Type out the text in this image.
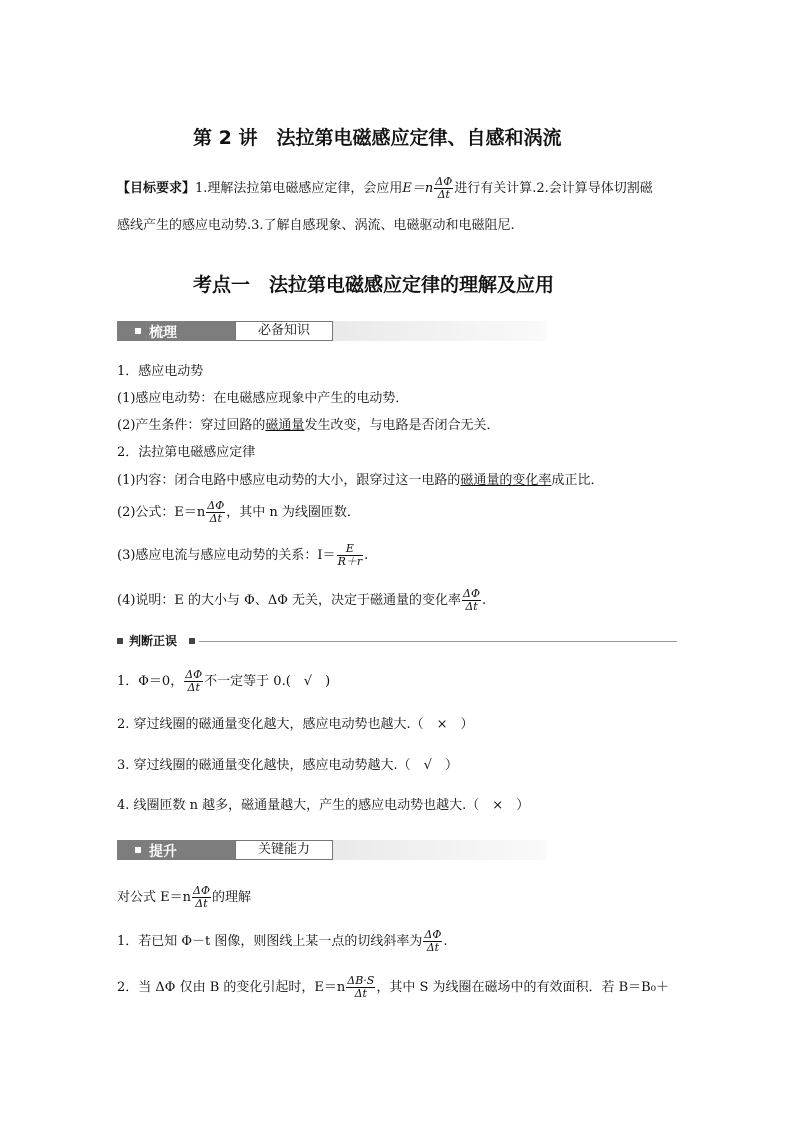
第 2 讲　法拉第电磁感应定律、自感和涡流
【目标要求】1.理解法拉第电磁感应定律，会应用$E=n \frac{\Delta\Phi}{\Delta t}$ 进行有关计算.2.会计算导体切割磁
感线产生的感应电动势.3.了解自感现象、涡流、电磁驱动和电磁阻尼.
考点一　法拉第电磁感应定律的理解及应用
梳理	必备知识
1．感应电动势
(1)感应电动势：在电磁感应现象中产生的电动势．
(2)产生条件：穿过回路的磁通量发生改变，与电路是否闭合无关．
2．法拉第电磁感应定律
(1)内容：闭合电路中感应电动势的大小，跟穿过这一电路的磁通量的变化率成正比．
(2)公式：$E=n \frac{\Delta\Phi}{\Delta t}$ ，其中 n 为线圈匝数．
(3)感应电流与感应电动势的关系：$I= \frac{E}{R+r}$ .
(4)说明：E 的大小与 Φ、ΔΦ 无关，决定于磁通量的变化率 $\frac{\Delta\Phi}{\Delta t}$ .
判断正误
1．Φ＝0， $\frac{\Delta\Phi}{\Delta t}$ 不一定等于 0.(　√　)
2. 穿过线圈的磁通量变化越大，感应电动势也越大.（　×　）
3. 穿过线圈的磁通量变化越快，感应电动势越大.（　√　）
4. 线圈匝数 n 越多，磁通量越大，产生的感应电动势也越大.（　×　）
提升	关键能力
对公式 $E=n \frac{\Delta\Phi}{\Delta t}$ 的理解
1．若已知 Φ－t 图像，则图线上某一点的切线斜率为 $\frac{\Delta\Phi}{\Delta t}$ .
2．当 ΔΦ 仅由 B 的变化引起时，$E=n \frac{\Delta B\cdot S}{\Delta t}$ ，其中 S 为线圈在磁场中的有效面积．若 B＝B₀＋
